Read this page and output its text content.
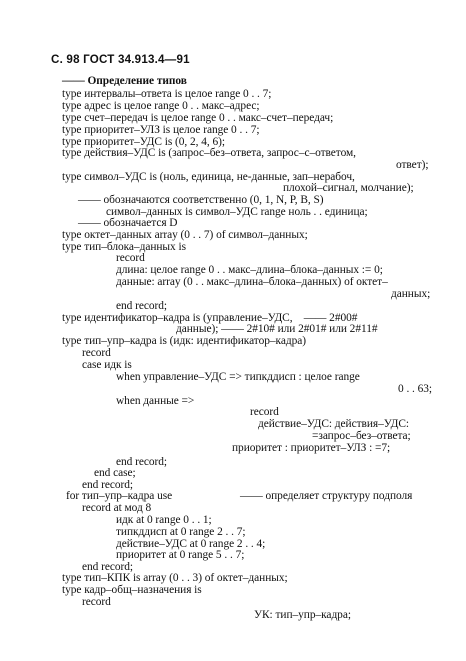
С. 98 ГОСТ 34.913.4—91
—— Определение типов
type интервалы–ответа is целое range 0 . . 7;
type адрес is целое range 0 . . макс–адрес;
type счет–передач is целое range 0 . . макс–счет–передач;
type приоритет–УЛЗ is целое range 0 . . 7;
type приоритет–УДС is (0, 2, 4, 6);
type действия–УДС is (запрос–без–ответа, запрос–с–ответом,
ответ);
type символ–УДС is (ноль, единица, не-данные, зап–нерабоч,
плохой–сигнал, молчание);
—— обозначаются соответственно (0, 1, N, P, B, S)
символ–данных is символ–УДС range ноль . . единица;
—— обозначается D
type октет–данных array (0 . . 7) of символ–данных;
type тип–блока–данных is
record
длина: целое range 0 . . макс–длина–блока–данных := 0;
данные: array (0 . . макс–длина–блока–данных) of октет–
данных;
end record;
type идентификатор–кадра is (управление–УДС,    —— 2#00#
данные); —— 2#10# или 2#01# или 2#11#
type тип–упр–кадра is (идк: идентификатор–кадра)
record
case идк is
when управление–УДС => типкддисп : целое range
0 . . 63;
when данные =>
record
действие–УДС: действия–УДС:
=запрос–без–ответа;
приоритет : приоритет–УЛЗ : =7;
end record;
end case;
end record;
for тип–упр–кадра use	—— определяет структуру подполя
record at мод 8
идк at 0 range 0 . . 1;
типкддисп at 0 range 2 . . 7;
действие–УДС at 0 range 2 . . 4;
приоритет at 0 range 5 . . 7;
end record;
type тип–КПК is array (0 . . 3) of октет–данных;
type кадр–общ–назначения is
record
УК: тип–упр–кадра;
